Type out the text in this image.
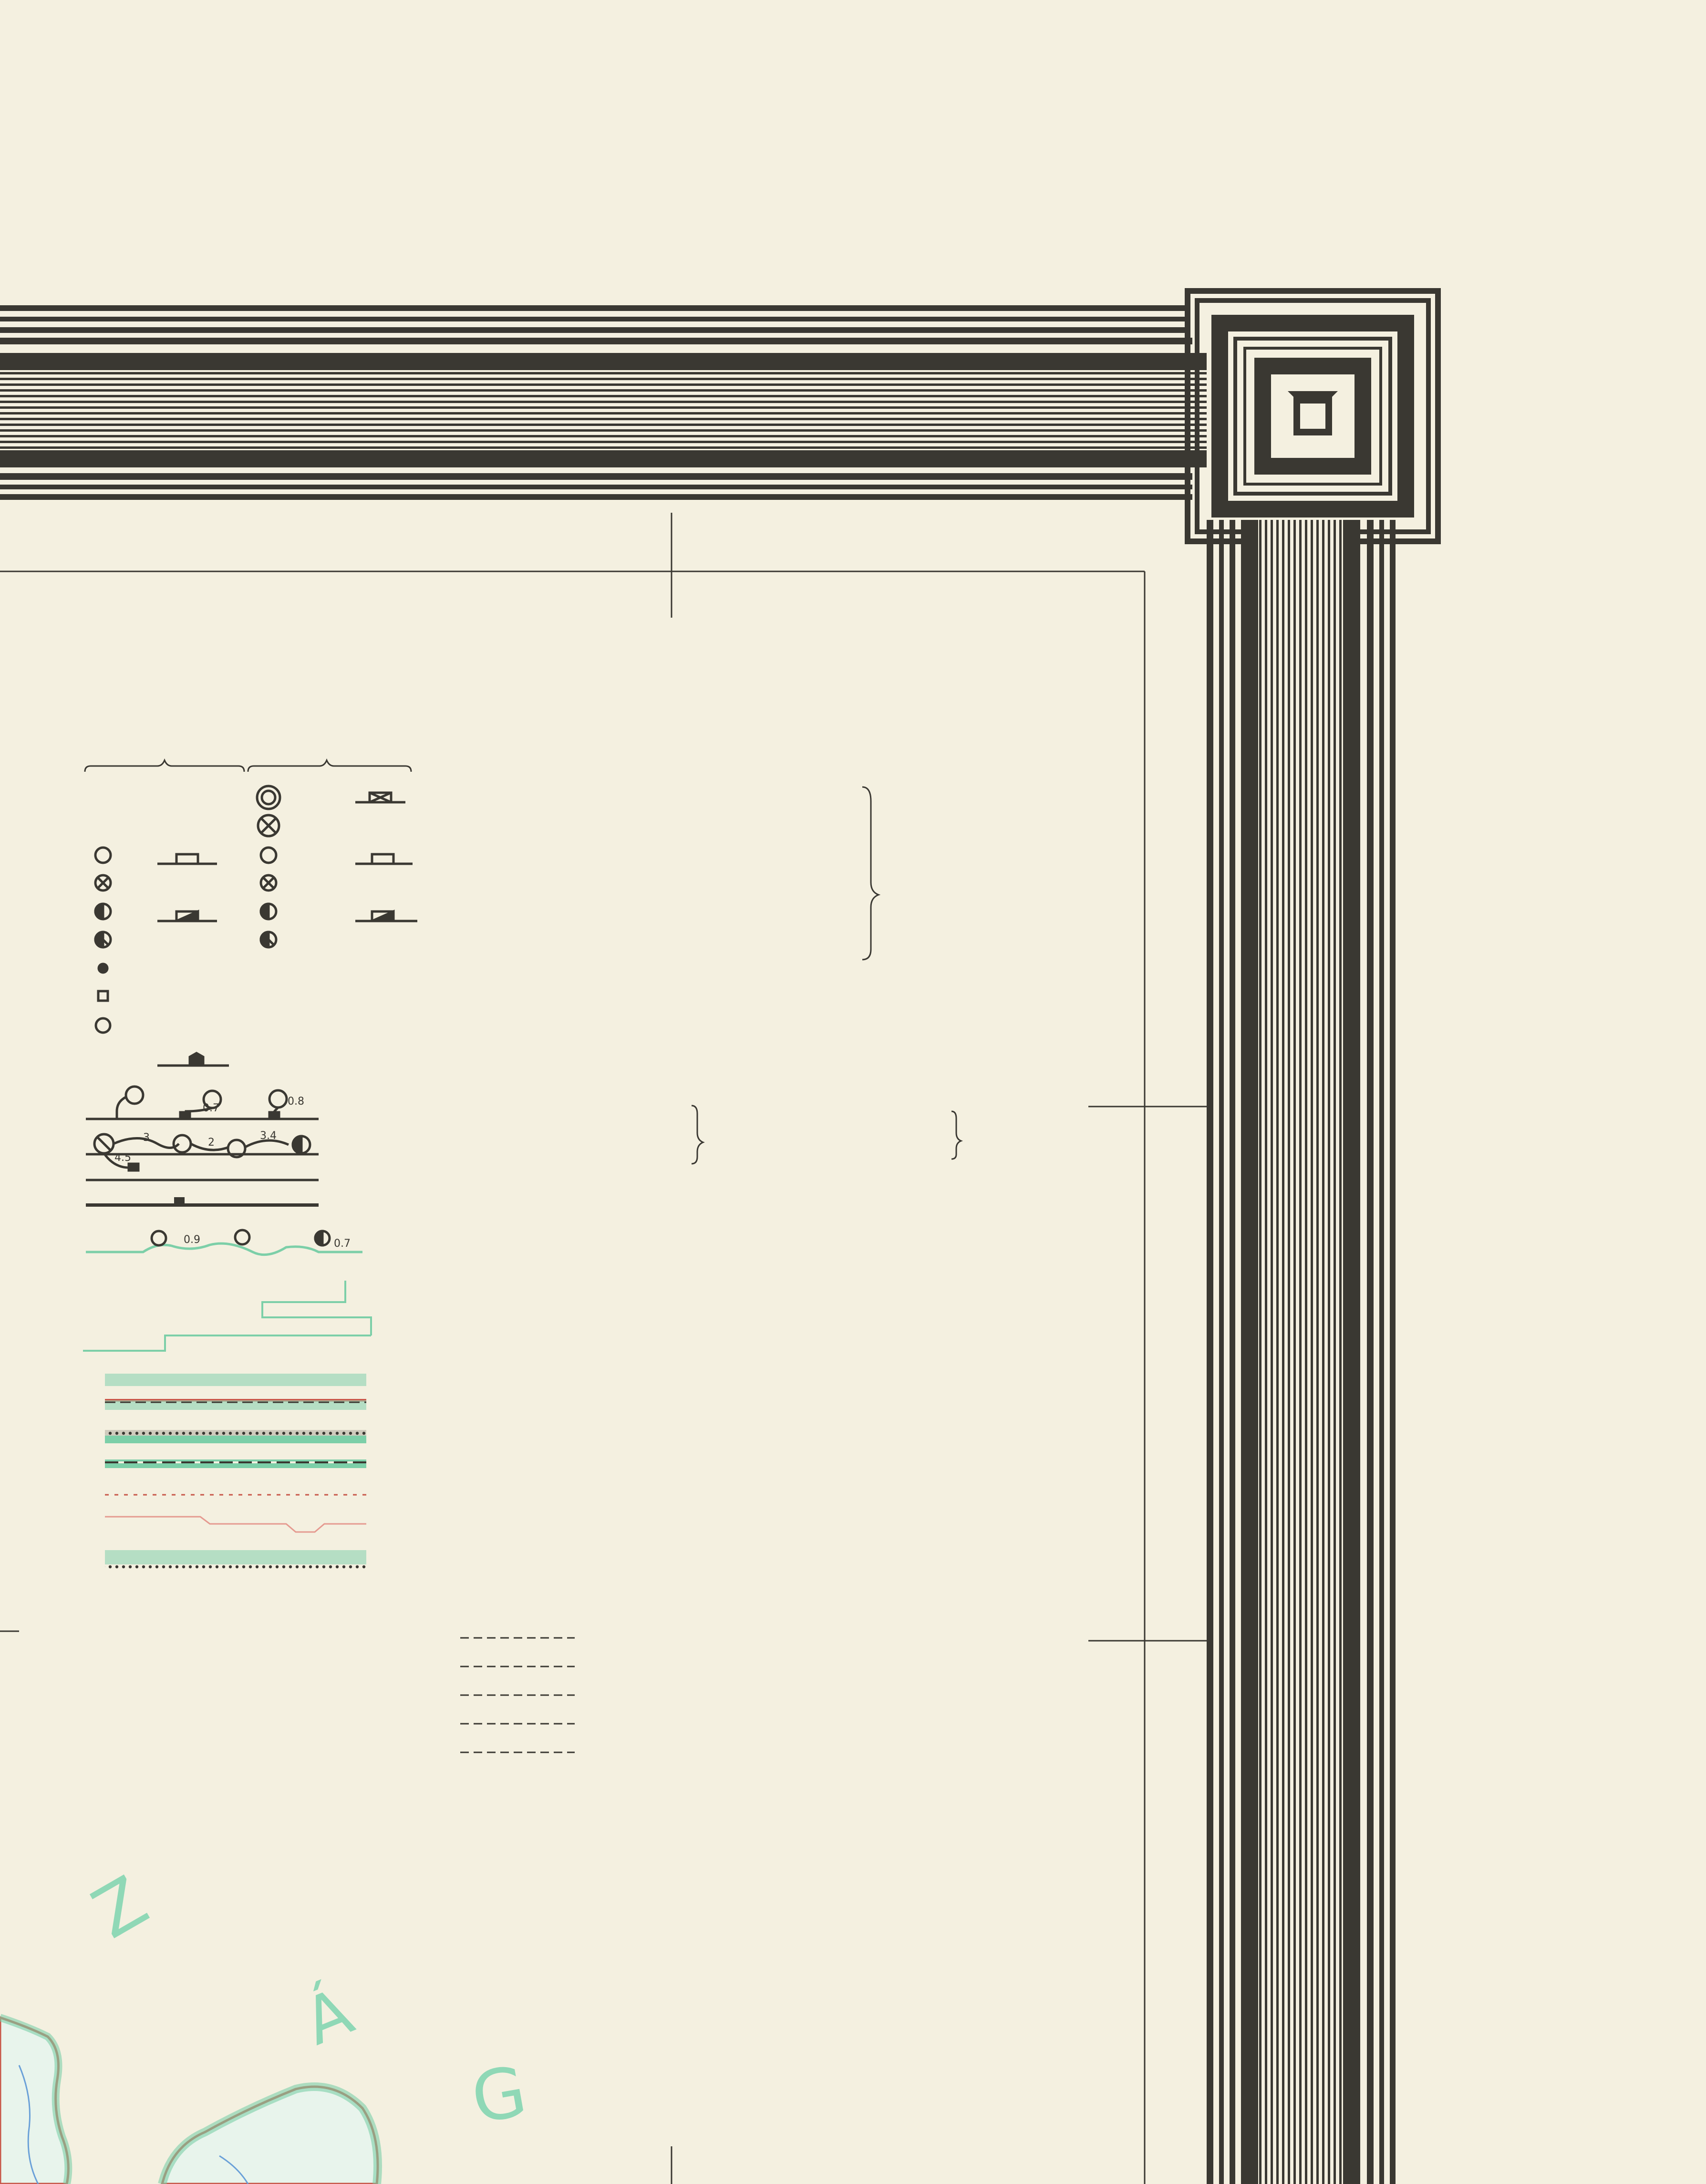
Z
Á
G
0.7
0.8
3	2
3.4
4.5
0.9	0.7
